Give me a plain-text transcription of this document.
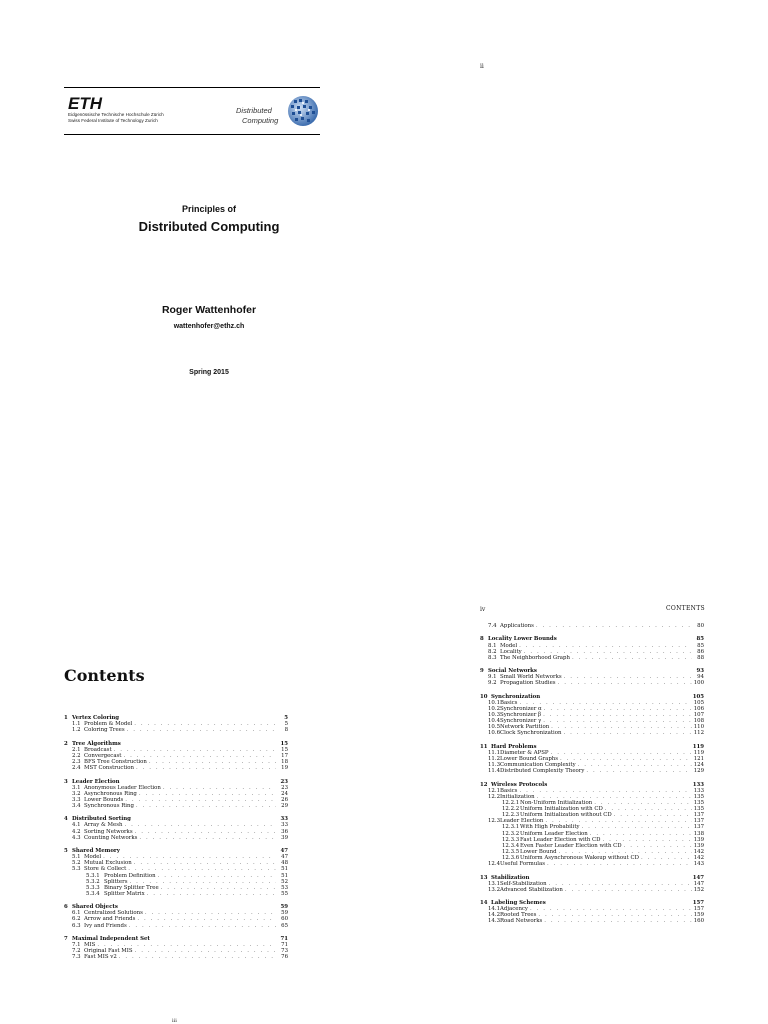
ii
ETH
Eidgenössische Technische Hochschule Zürich
Swiss Federal Institute of Technology Zurich
Distributed
Computing
Principles of
Distributed Computing
Roger Wattenhofer
wattenhofer@ethz.ch
Spring 2015
Contents
1 Vertex Coloring	5
1.1 Problem & Model . . .	5
1.2 Coloring Trees . . .	8
2 Tree Algorithms	15
2.1 Broadcast . . .	15
2.2 Convergecast . . .	17
2.3 BFS Tree Construction . . .	18
2.4 MST Construction . . .	19
3 Leader Election	23
3.1 Anonymous Leader Election . . .	23
3.2 Asynchronous Ring . . .	24
3.3 Lower Bounds . . .	26
3.4 Synchronous Ring . . .	29
4 Distributed Sorting	33
4.1 Array & Mesh . . .	33
4.2 Sorting Networks . . .	36
4.3 Counting Networks . . .	39
5 Shared Memory	47
5.1 Model . . .	47
5.2 Mutual Exclusion . . .	48
5.3 Store & Collect . . .	51
5.3.1 Problem Definition . . .	51
5.3.2 Splitters . . .	52
5.3.3 Binary Splitter Tree . . .	53
5.3.4 Splitter Matrix . . .	55
6 Shared Objects	59
6.1 Centralized Solutions . . .	59
6.2 Arrow and Friends . . .	60
6.3 Ivy and Friends . . .	65
7 Maximal Independent Set	71
7.1 MIS . . .	71
7.2 Original Fast MIS . . .	73
7.3 Fast MIS v2 . . .	76
iii
iv	CONTENTS
7.4 Applications . . .	80
8 Locality Lower Bounds	85
8.1 Model . . .	85
8.2 Locality . . .	86
8.3 The Neighborhood Graph . . .	88
9 Social Networks	93
9.1 Small World Networks . . .	94
9.2 Propagation Studies . . .	100
10 Synchronization	105
10.1 Basics . . .	105
10.2 Synchronizer α . . .	106
10.3 Synchronizer β . . .	107
10.4 Synchronizer γ . . .	108
10.5 Network Partition . . .	110
10.6 Clock Synchronization . . .	112
11 Hard Problems	119
11.1 Diameter & APSP . . .	119
11.2 Lower Bound Graphs . . .	121
11.3 Communication Complexity . . .	124
11.4 Distributed Complexity Theory . . .	129
12 Wireless Protocols	133
12.1 Basics . . .	133
12.2 Initialization . . .	135
12.2.1 Non-Uniform Initialization . . .	135
12.2.2 Uniform Initialization with CD . . .	135
12.2.3 Uniform Initialization without CD . . .	137
12.3 Leader Election . . .	137
12.3.1 With High Probability . . .	137
12.3.2 Uniform Leader Election . . .	138
12.3.3 Fast Leader Election with CD . . .	139
12.3.4 Even Faster Leader Election with CD . . .	139
12.3.5 Lower Bound . . .	142
12.3.6 Uniform Asynchronous Wakeup without CD . . .	142
12.4 Useful Formulas . . .	143
13 Stabilization	147
13.1 Self-Stabilization . . .	147
13.2 Advanced Stabilization . . .	152
14 Labeling Schemes	157
14.1 Adjacency . . .	157
14.2 Rooted Trees . . .	159
14.3 Road Networks . . .	160
